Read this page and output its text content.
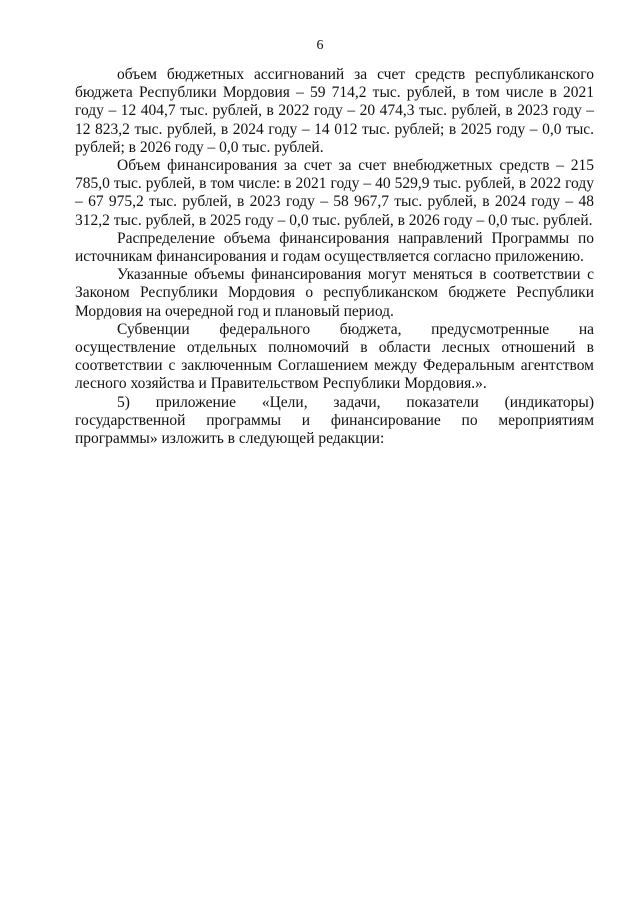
6

объем бюджетных ассигнований за счет средств республиканского бюджета Республики Мордовия – 59 714,2 тыс. рублей, в том числе в 2021 году – 12 404,7 тыс. рублей, в 2022 году – 20 474,3 тыс. рублей, в 2023 году – 12 823,2 тыс. рублей, в 2024 году – 14 012 тыс. рублей; в 2025 году – 0,0 тыс. рублей; в 2026 году – 0,0 тыс. рублей.

Объем финансирования за счет за счет внебюджетных средств – 215 785,0 тыс. рублей, в том числе: в 2021 году – 40 529,9 тыс. рублей, в 2022 году – 67 975,2 тыс. рублей, в 2023 году – 58 967,7 тыс. рублей, в 2024 году – 48 312,2 тыс. рублей, в 2025 году – 0,0 тыс. рублей, в 2026 году – 0,0 тыс. рублей.

Распределение объема финансирования направлений Программы по источникам финансирования и годам осуществляется согласно приложению.

Указанные объемы финансирования могут меняться в соответствии с Законом Республики Мордовия о республиканском бюджете Республики Мордовия на очередной год и плановый период.

Субвенции федерального бюджета, предусмотренные на осуществление отдельных полномочий в области лесных отношений в соответствии с заключенным Соглашением между Федеральным агентством лесного хозяйства и Правительством Республики Мордовия.».

5) приложение «Цели, задачи, показатели (индикаторы) государственной программы и финансирование по мероприятиям программы» изложить в следующей редакции:
